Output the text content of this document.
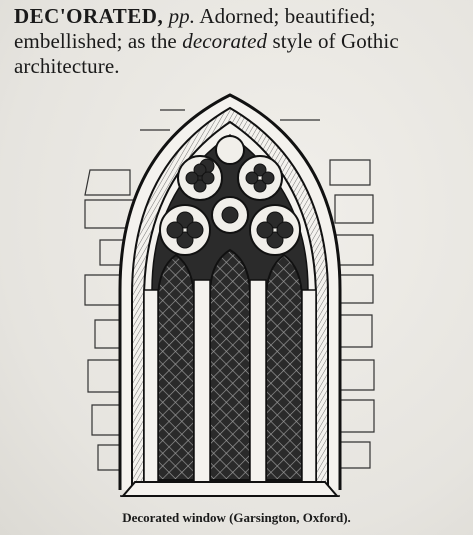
DEC'ORATED, pp. Adorned; beautified; embellished; as the decorated style of Gothic architecture.
Decorated window (Garsington, Oxford).
